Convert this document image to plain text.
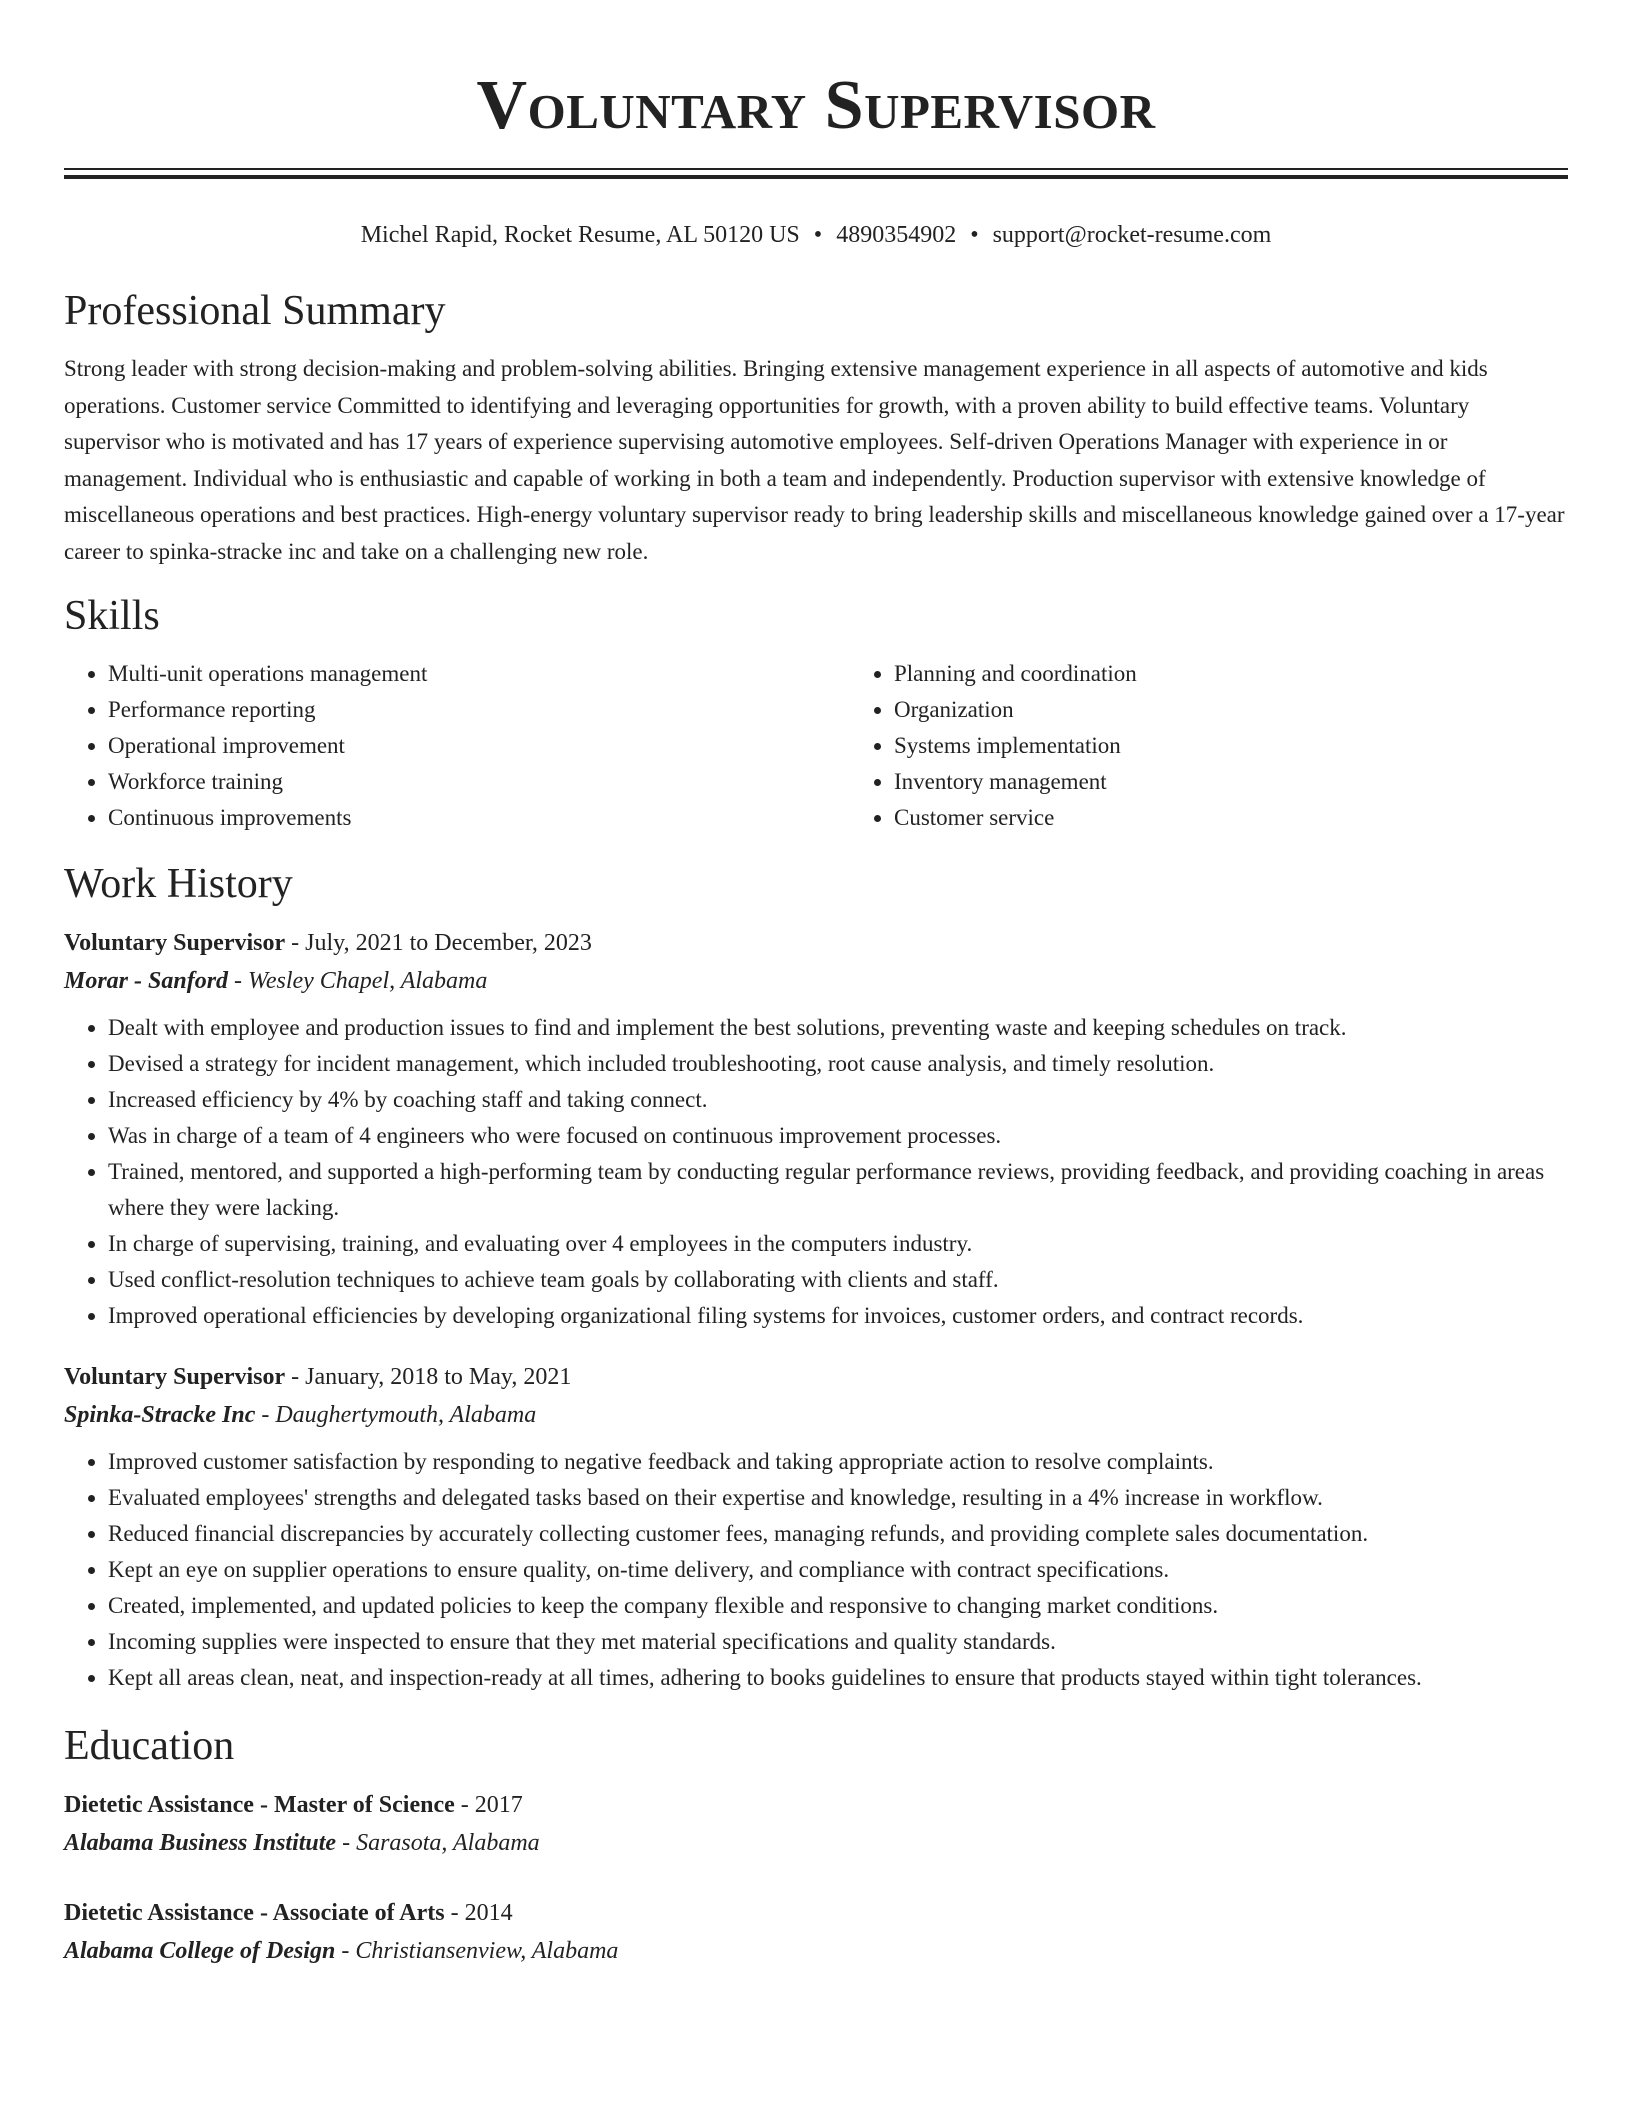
Voluntary Supervisor
Michel Rapid, Rocket Resume, AL 50120 US • 4890354902 • support@rocket-resume.com
Professional Summary
Strong leader with strong decision-making and problem-solving abilities. Bringing extensive management experience in all aspects of automotive and kids operations. Customer service Committed to identifying and leveraging opportunities for growth, with a proven ability to build effective teams. Voluntary supervisor who is motivated and has 17 years of experience supervising automotive employees. Self-driven Operations Manager with experience in or management. Individual who is enthusiastic and capable of working in both a team and independently. Production supervisor with extensive knowledge of miscellaneous operations and best practices. High-energy voluntary supervisor ready to bring leadership skills and miscellaneous knowledge gained over a 17-year career to spinka-stracke inc and take on a challenging new role.
Skills
• Multi-unit operations management
• Performance reporting
• Operational improvement
• Workforce training
• Continuous improvements
• Planning and coordination
• Organization
• Systems implementation
• Inventory management
• Customer service
Work History
Voluntary Supervisor - July, 2021 to December, 2023
Morar - Sanford - Wesley Chapel, Alabama
• Dealt with employee and production issues to find and implement the best solutions, preventing waste and keeping schedules on track.
• Devised a strategy for incident management, which included troubleshooting, root cause analysis, and timely resolution.
• Increased efficiency by 4% by coaching staff and taking connect.
• Was in charge of a team of 4 engineers who were focused on continuous improvement processes.
• Trained, mentored, and supported a high-performing team by conducting regular performance reviews, providing feedback, and providing coaching in areas where they were lacking.
• In charge of supervising, training, and evaluating over 4 employees in the computers industry.
• Used conflict-resolution techniques to achieve team goals by collaborating with clients and staff.
• Improved operational efficiencies by developing organizational filing systems for invoices, customer orders, and contract records.
Voluntary Supervisor - January, 2018 to May, 2021
Spinka-Stracke Inc - Daughertymouth, Alabama
• Improved customer satisfaction by responding to negative feedback and taking appropriate action to resolve complaints.
• Evaluated employees' strengths and delegated tasks based on their expertise and knowledge, resulting in a 4% increase in workflow.
• Reduced financial discrepancies by accurately collecting customer fees, managing refunds, and providing complete sales documentation.
• Kept an eye on supplier operations to ensure quality, on-time delivery, and compliance with contract specifications.
• Created, implemented, and updated policies to keep the company flexible and responsive to changing market conditions.
• Incoming supplies were inspected to ensure that they met material specifications and quality standards.
• Kept all areas clean, neat, and inspection-ready at all times, adhering to books guidelines to ensure that products stayed within tight tolerances.
Education
Dietetic Assistance - Master of Science - 2017
Alabama Business Institute - Sarasota, Alabama
Dietetic Assistance - Associate of Arts - 2014
Alabama College of Design - Christiansenview, Alabama
